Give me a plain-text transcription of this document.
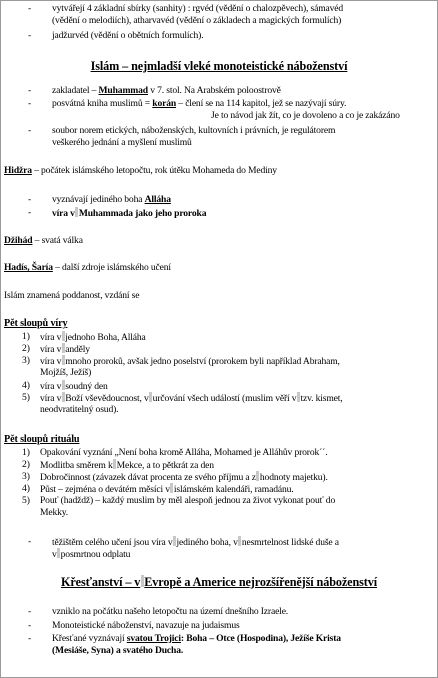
- vytvářejí 4 základní sbírky (sanhity) : rgvéd (vědění o chalozpěvech), sámavéd
(vědění o melodiích), atharvavéd (vědění o základech a magických formulích)
- jadžurvéd (vědění o obětních formulích).
Islám – nejmladší vleké monoteistické náboženství
- zakladatel – Muhammad v 7. stol. Na Arabském poloostrově
- posvátná kniha muslimů = korán – člení se na 114 kapitol, jež se nazývají súry.
Je to návod jak žít, co je dovoleno a co je zakázáno
- soubor norem etických, náboženských, kultovních i právních, je regulátorem
veškerého jednání a myšlení muslimů
Hidžra – počátek islámského letopočtu, rok útěku Mohameda do Mediny
- vyznávají jediného boha Alláha
- víra v Muhammada jako jeho proroka
Džihád – svatá válka
Hadís, Šaría – další zdroje islámského učení
Islám znamená poddanost, vzdání se
Pět sloupů víry
1) víra v jednoho Boha, Alláha
2) víra v anděly
3) víra v mnoho proroků, avšak jedno poselství (prorokem byli například Abraham,
Mojžíš, Ježíš)
4) víra v soudný den
5) víra v Boží vševědoucnost, v určování všech událostí (muslim věří v tzv. kismet,
neodvratitelný osud).
Pět sloupů rituálu
1) Opakování vyznání „Není boha kromě Alláha, Mohamed je Alláhův prorok´´.
2) Modlitba směrem k Mekce, a to pětkrát za den
3) Dobročinnost (závazek dávat procenta ze svého příjmu a z hodnoty majetku).
4) Půst – zejména o devátém měsíci v islámském kalendáři, ramadánu.
5) Pouť (hadždž) – každý muslim by měl alespoň jednou za život vykonat pouť do
Mekky.
- těžištěm celého učení jsou víra v jediného boha, v nesmrtelnost lidské duše a
v posmrtnou odplatu
Křesťanství – v Evropě a Americe nejrozšířenější náboženství
- vzniklo na počátku našeho letopočtu na území dnešního Izraele.
- Monoteistické náboženství, navazuje na judaismus
- Křesťané vyznávají svatou Trojici: Boha – Otce (Hospodina), Ježíše Krista
(Mesiáše, Syna) a svatého Ducha.
